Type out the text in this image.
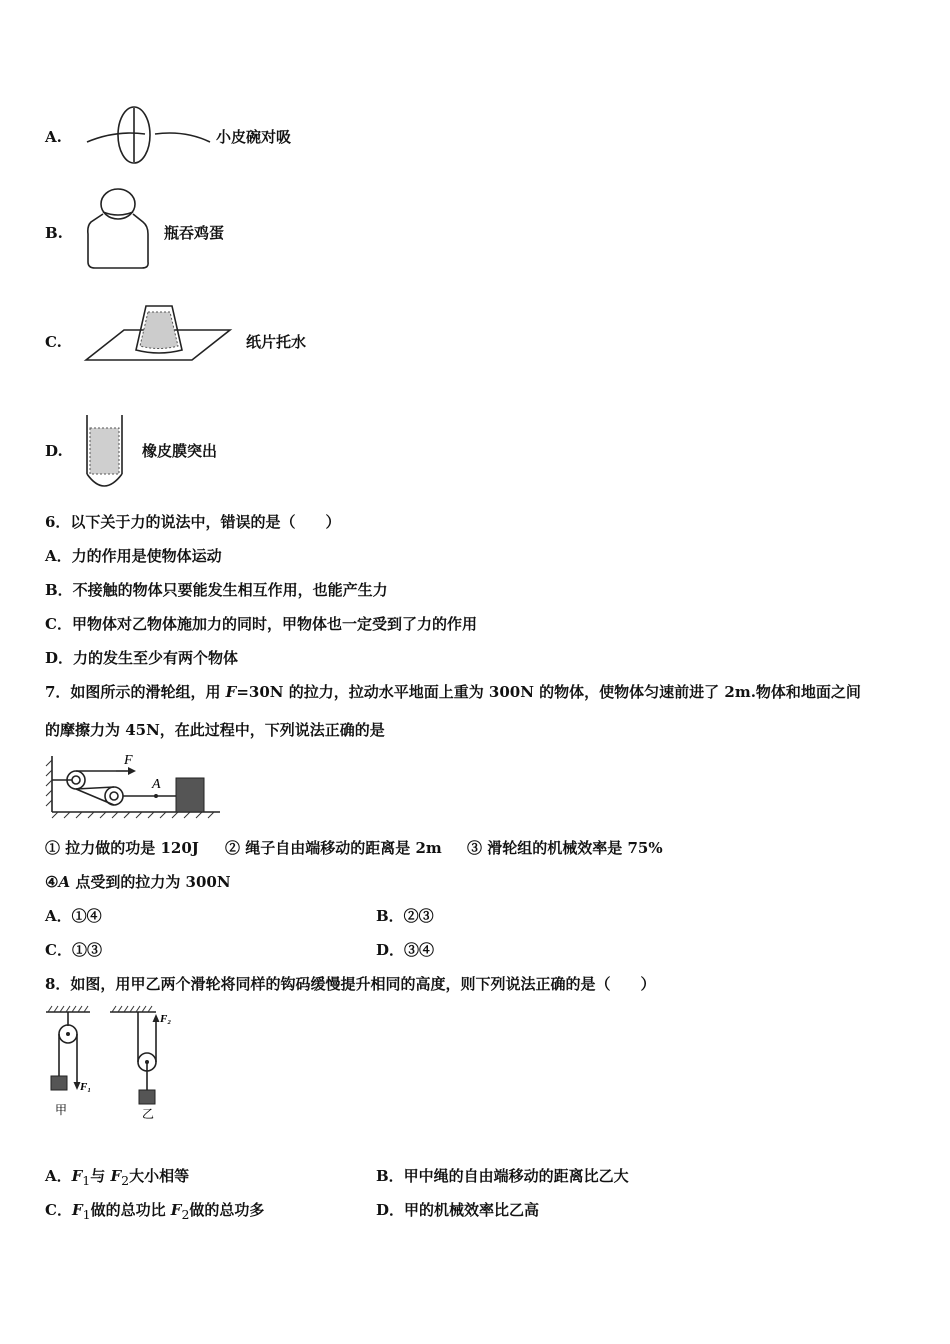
A.	小皮碗对吸
B.	瓶吞鸡蛋
C.	纸片托水
D.	橡皮膜突出
6．以下关于力的说法中，错误的是（　　）
A．力的作用是使物体运动
B．不接触的物体只要能发生相互作用，也能产生力
C．甲物体对乙物体施加力的同时，甲物体也一定受到了力的作用
D．力的发生至少有两个物体
7．如图所示的滑轮组，用 F=30N 的拉力，拉动水平地面上重为 300N 的物体，使物体匀速前进了 2m.物体和地面之间
的摩擦力为 45N，在此过程中，下列说法正确的是
F
A
① 拉力做的功是 120J ② 绳子自由端移动的距离是 2m ③ 滑轮组的机械效率是 75%
④A 点受到的拉力为 300N
A．①④	B．②③
C．①③	D．③④
8．如图，用甲乙两个滑轮将同样的钩码缓慢提升相同的高度，则下列说法正确的是（　　）
F₁
甲
F₂
乙
A．$F_1$与 $F_2$大小相等	B．甲中绳的自由端移动的距离比乙大
C．$F_1$做的总功比 $F_2$做的总功多	D．甲的机械效率比乙高
